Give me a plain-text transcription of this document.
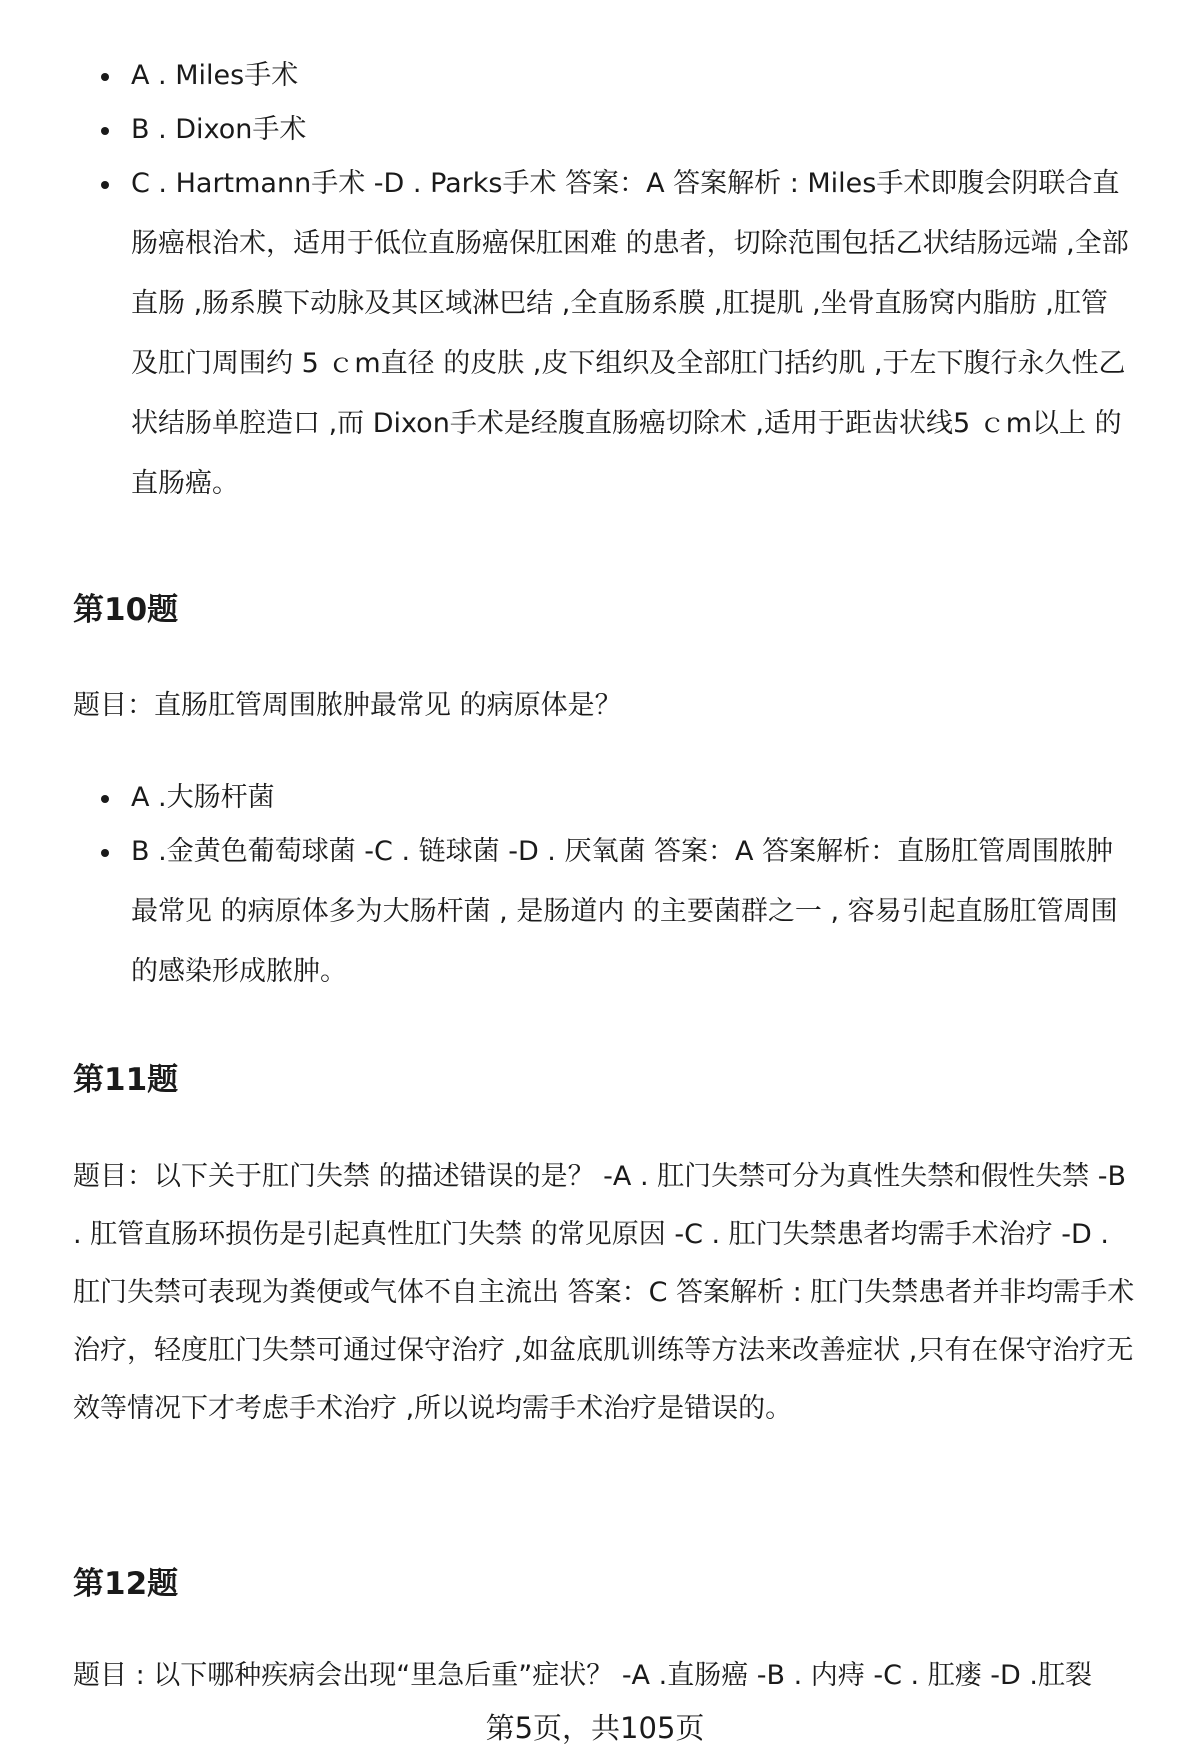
A . Miles手术
B . Dixon手术
C . Hartmann手术 -D . Parks手术 答案：A 答案解析 : Miles手术即腹会阴联合直肠癌根治术，适用于低位直肠癌保肛困难 的患者，切除范围包括乙状结肠远端 ,全部直肠 ,肠系膜下动脉及其区域淋巴结 ,全直肠系膜 ,肛提肌 ,坐骨直肠窝内脂肪 ,肛管及肛门周围约 5 ｃm直径 的皮肤 ,皮下组织及全部肛门括约肌 ,于左下腹行永久性乙状结肠单腔造口 ,而 Dixon手术是经腹直肠癌切除术 ,适用于距齿状线5 ｃm以上 的直肠癌。
第10题
题目：直肠肛管周围脓肿最常见 的病原体是？
A .大肠杆菌
B .金黄色葡萄球菌 -C . 链球菌 -D . 厌氧菌 答案：A 答案解析：直肠肛管周围脓肿最常见 的病原体多为大肠杆菌 , 是肠道内 的主要菌群之一 , 容易引起直肠肛管周围 的感染形成脓肿。
第11题
题目：以下关于肛门失禁 的描述错误的是？ -A . 肛门失禁可分为真性失禁和假性失禁 -B . 肛管直肠环损伤是引起真性肛门失禁 的常见原因 -C . 肛门失禁患者均需手术治疗 -D . 肛门失禁可表现为粪便或气体不自主流出 答案：C 答案解析 : 肛门失禁患者并非均需手术治疗，轻度肛门失禁可通过保守治疗 ,如盆底肌训练等方法来改善症状 ,只有在保守治疗无效等情况下才考虑手术治疗 ,所以说均需手术治疗是错误的。
第12题
题目 : 以下哪种疾病会出现“里急后重”症状？ -A .直肠癌 -B . 内痔 -C . 肛瘘 -D .肛裂
第5页，共105页
